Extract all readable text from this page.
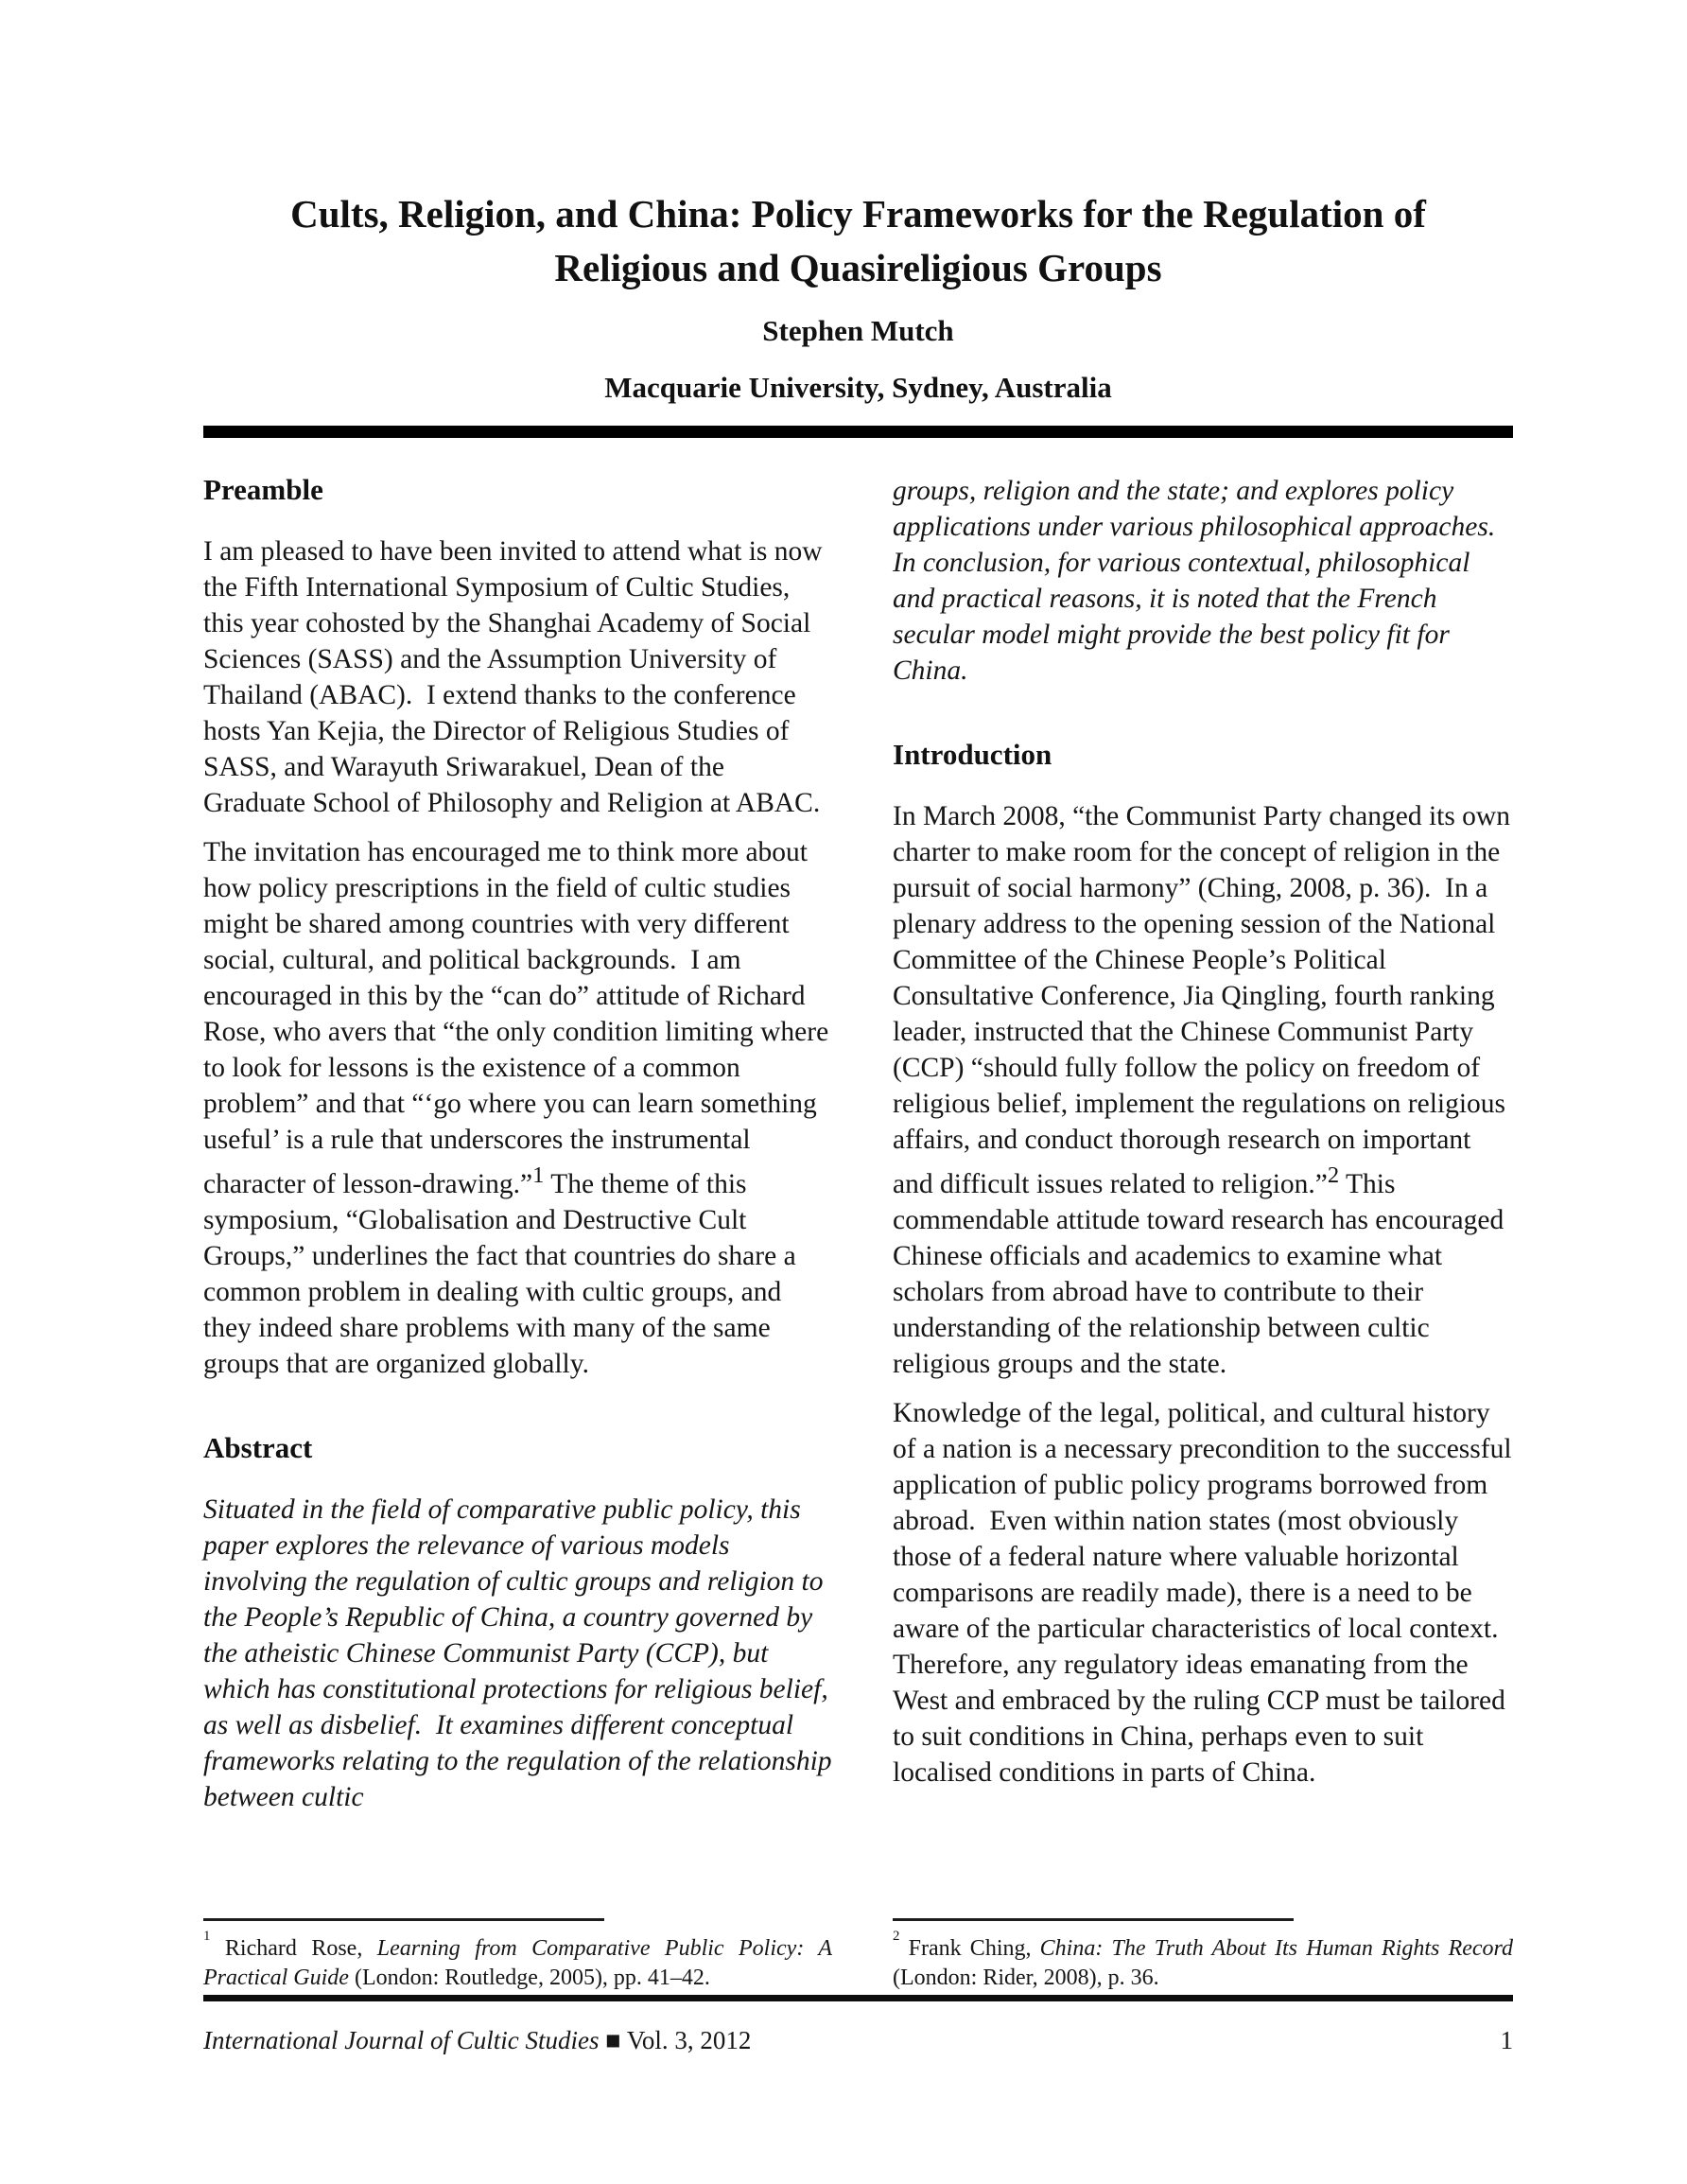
Cults, Religion, and China: Policy Frameworks for the Regulation of
Religious and Quasireligious Groups
Stephen Mutch
Macquarie University, Sydney, Australia
Preamble

I am pleased to have been invited to attend what is now the Fifth International Symposium of Cultic Studies, this year cohosted by the Shanghai Academy of Social Sciences (SASS) and the Assumption University of Thailand (ABAC).  I extend thanks to the conference hosts Yan Kejia, the Director of Religious Studies of SASS, and Warayuth Sriwarakuel, Dean of the Graduate School of Philosophy and Religion at ABAC.

The invitation has encouraged me to think more about how policy prescriptions in the field of cultic studies might be shared among countries with very different social, cultural, and political backgrounds.  I am encouraged in this by the “can do” attitude of Richard Rose, who avers that “the only condition limiting where to look for lessons is the existence of a common problem” and that “‘go where you can learn something useful’ is a rule that underscores the instrumental character of lesson-drawing.”$^1$ The theme of this symposium, “Globalisation and Destructive Cult Groups,” underlines the fact that countries do share a common problem in dealing with cultic groups, and they indeed share problems with many of the same groups that are organized globally.

Abstract

Situated in the field of comparative public policy, this paper explores the relevance of various models involving the regulation of cultic groups and religion to the People’s Republic of China, a country governed by the atheistic Chinese Communist Party (CCP), but which has constitutional protections for religious belief, as well as disbelief.  It examines different conceptual frameworks relating to the regulation of the relationship between cultic

groups, religion and the state; and explores policy applications under various philosophical approaches.  In conclusion, for various contextual, philosophical and practical reasons, it is noted that the French secular model might provide the best policy fit for China.

Introduction

In March 2008, “the Communist Party changed its own charter to make room for the concept of religion in the pursuit of social harmony” (Ching, 2008, p. 36).  In a plenary address to the opening session of the National Committee of the Chinese People’s Political Consultative Conference, Jia Qingling, fourth ranking leader, instructed that the Chinese Communist Party (CCP) “should fully follow the policy on freedom of religious belief, implement the regulations on religious affairs, and conduct thorough research on important and difficult issues related to religion.”$^2$ This commendable attitude toward research has encouraged Chinese officials and academics to examine what scholars from abroad have to contribute to their understanding of the relationship between cultic religious groups and the state.

Knowledge of the legal, political, and cultural history of a nation is a necessary precondition to the successful application of public policy programs borrowed from abroad.  Even within nation states (most obviously those of a federal nature where valuable horizontal comparisons are readily made), there is a need to be aware of the particular characteristics of local context.  Therefore, any regulatory ideas emanating from the West and embraced by the ruling CCP must be tailored to suit conditions in China, perhaps even to suit localised conditions in parts of China.

$^1$ Richard Rose, Learning from Comparative Public Policy: A Practical Guide (London: Routledge, 2005), pp. 41–42.

$^2$ Frank Ching, China: The Truth About Its Human Rights Record (London: Rider, 2008), p. 36.

International Journal of Cultic Studies ■ Vol. 3, 2012	1
